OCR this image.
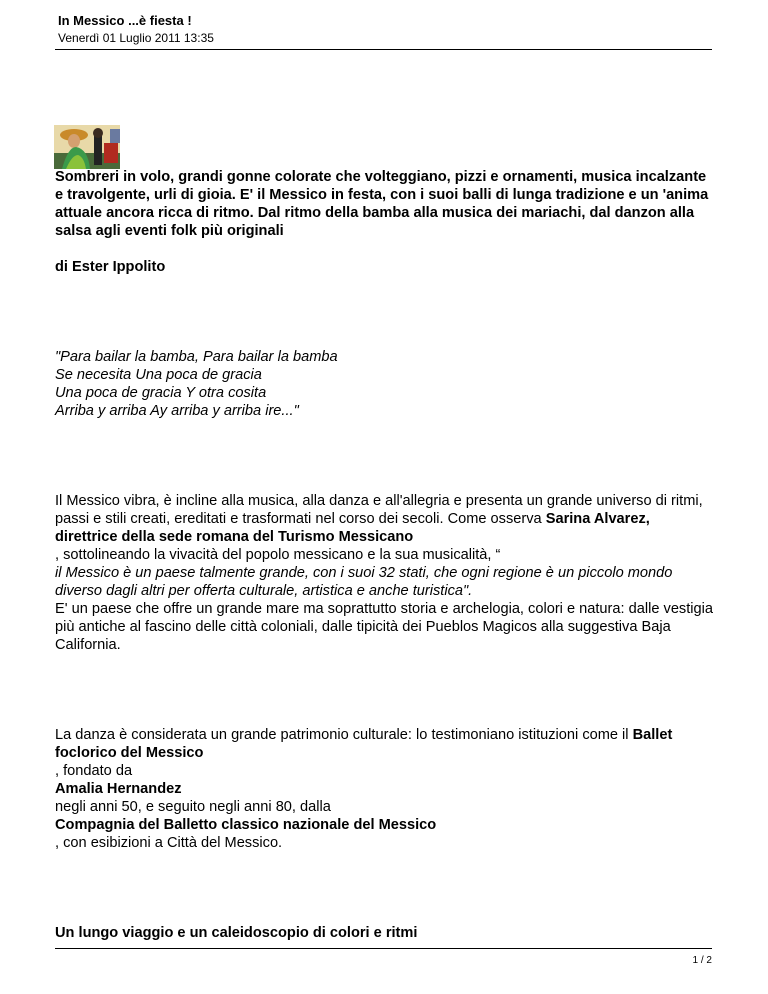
In Messico ...è fiesta !
Venerdì 01 Luglio 2011 13:35

Sombreri in volo, grandi gonne colorate che volteggiano, pizzi e ornamenti, musica incalzante e travolgente, urli di gioia. E' il Messico in festa, con i suoi balli di lunga tradizione e un 'anima attuale ancora ricca di ritmo. Dal ritmo della bamba alla musica dei mariachi, dal danzon alla salsa agli eventi folk più originali

di Ester Ippolito

"Para bailar la bamba, Para bailar la bamba

Se necesita Una poca de gracia

Una poca de gracia Y otra cosita

Arriba y arriba Ay arriba y arriba ire..."

Il Messico vibra, è incline alla musica, alla danza e all'allegria e presenta un grande universo di ritmi, passi e stili creati, ereditati e trasformati nel corso dei secoli. Come osserva Sarina Alvarez, direttrice della sede romana del Turismo Messicano

, sottolineando la vivacità del popolo messicano e la sua musicalità, “

il Messico è un paese talmente grande, con i suoi 32 stati, che ogni regione è un piccolo mondo diverso dagli altri per offerta culturale, artistica e anche turistica".

E' un paese che offre un grande mare ma soprattutto storia e archelogia, colori e natura: dalle vestigia più antiche al fascino delle città coloniali, dalle tipicità dei Pueblos Magicos alla suggestiva Baja California.

La danza è considerata un grande patrimonio culturale: lo testimoniano istituzioni come il Ballet foclorico del Messico

, fondato da

Amalia Hernandez

negli anni 50, e seguito negli anni 80, dalla

Compagnia del Balletto classico nazionale del Messico

, con esibizioni a Città del Messico.

Un lungo viaggio e un caleidoscopio di colori e ritmi

1 / 2
